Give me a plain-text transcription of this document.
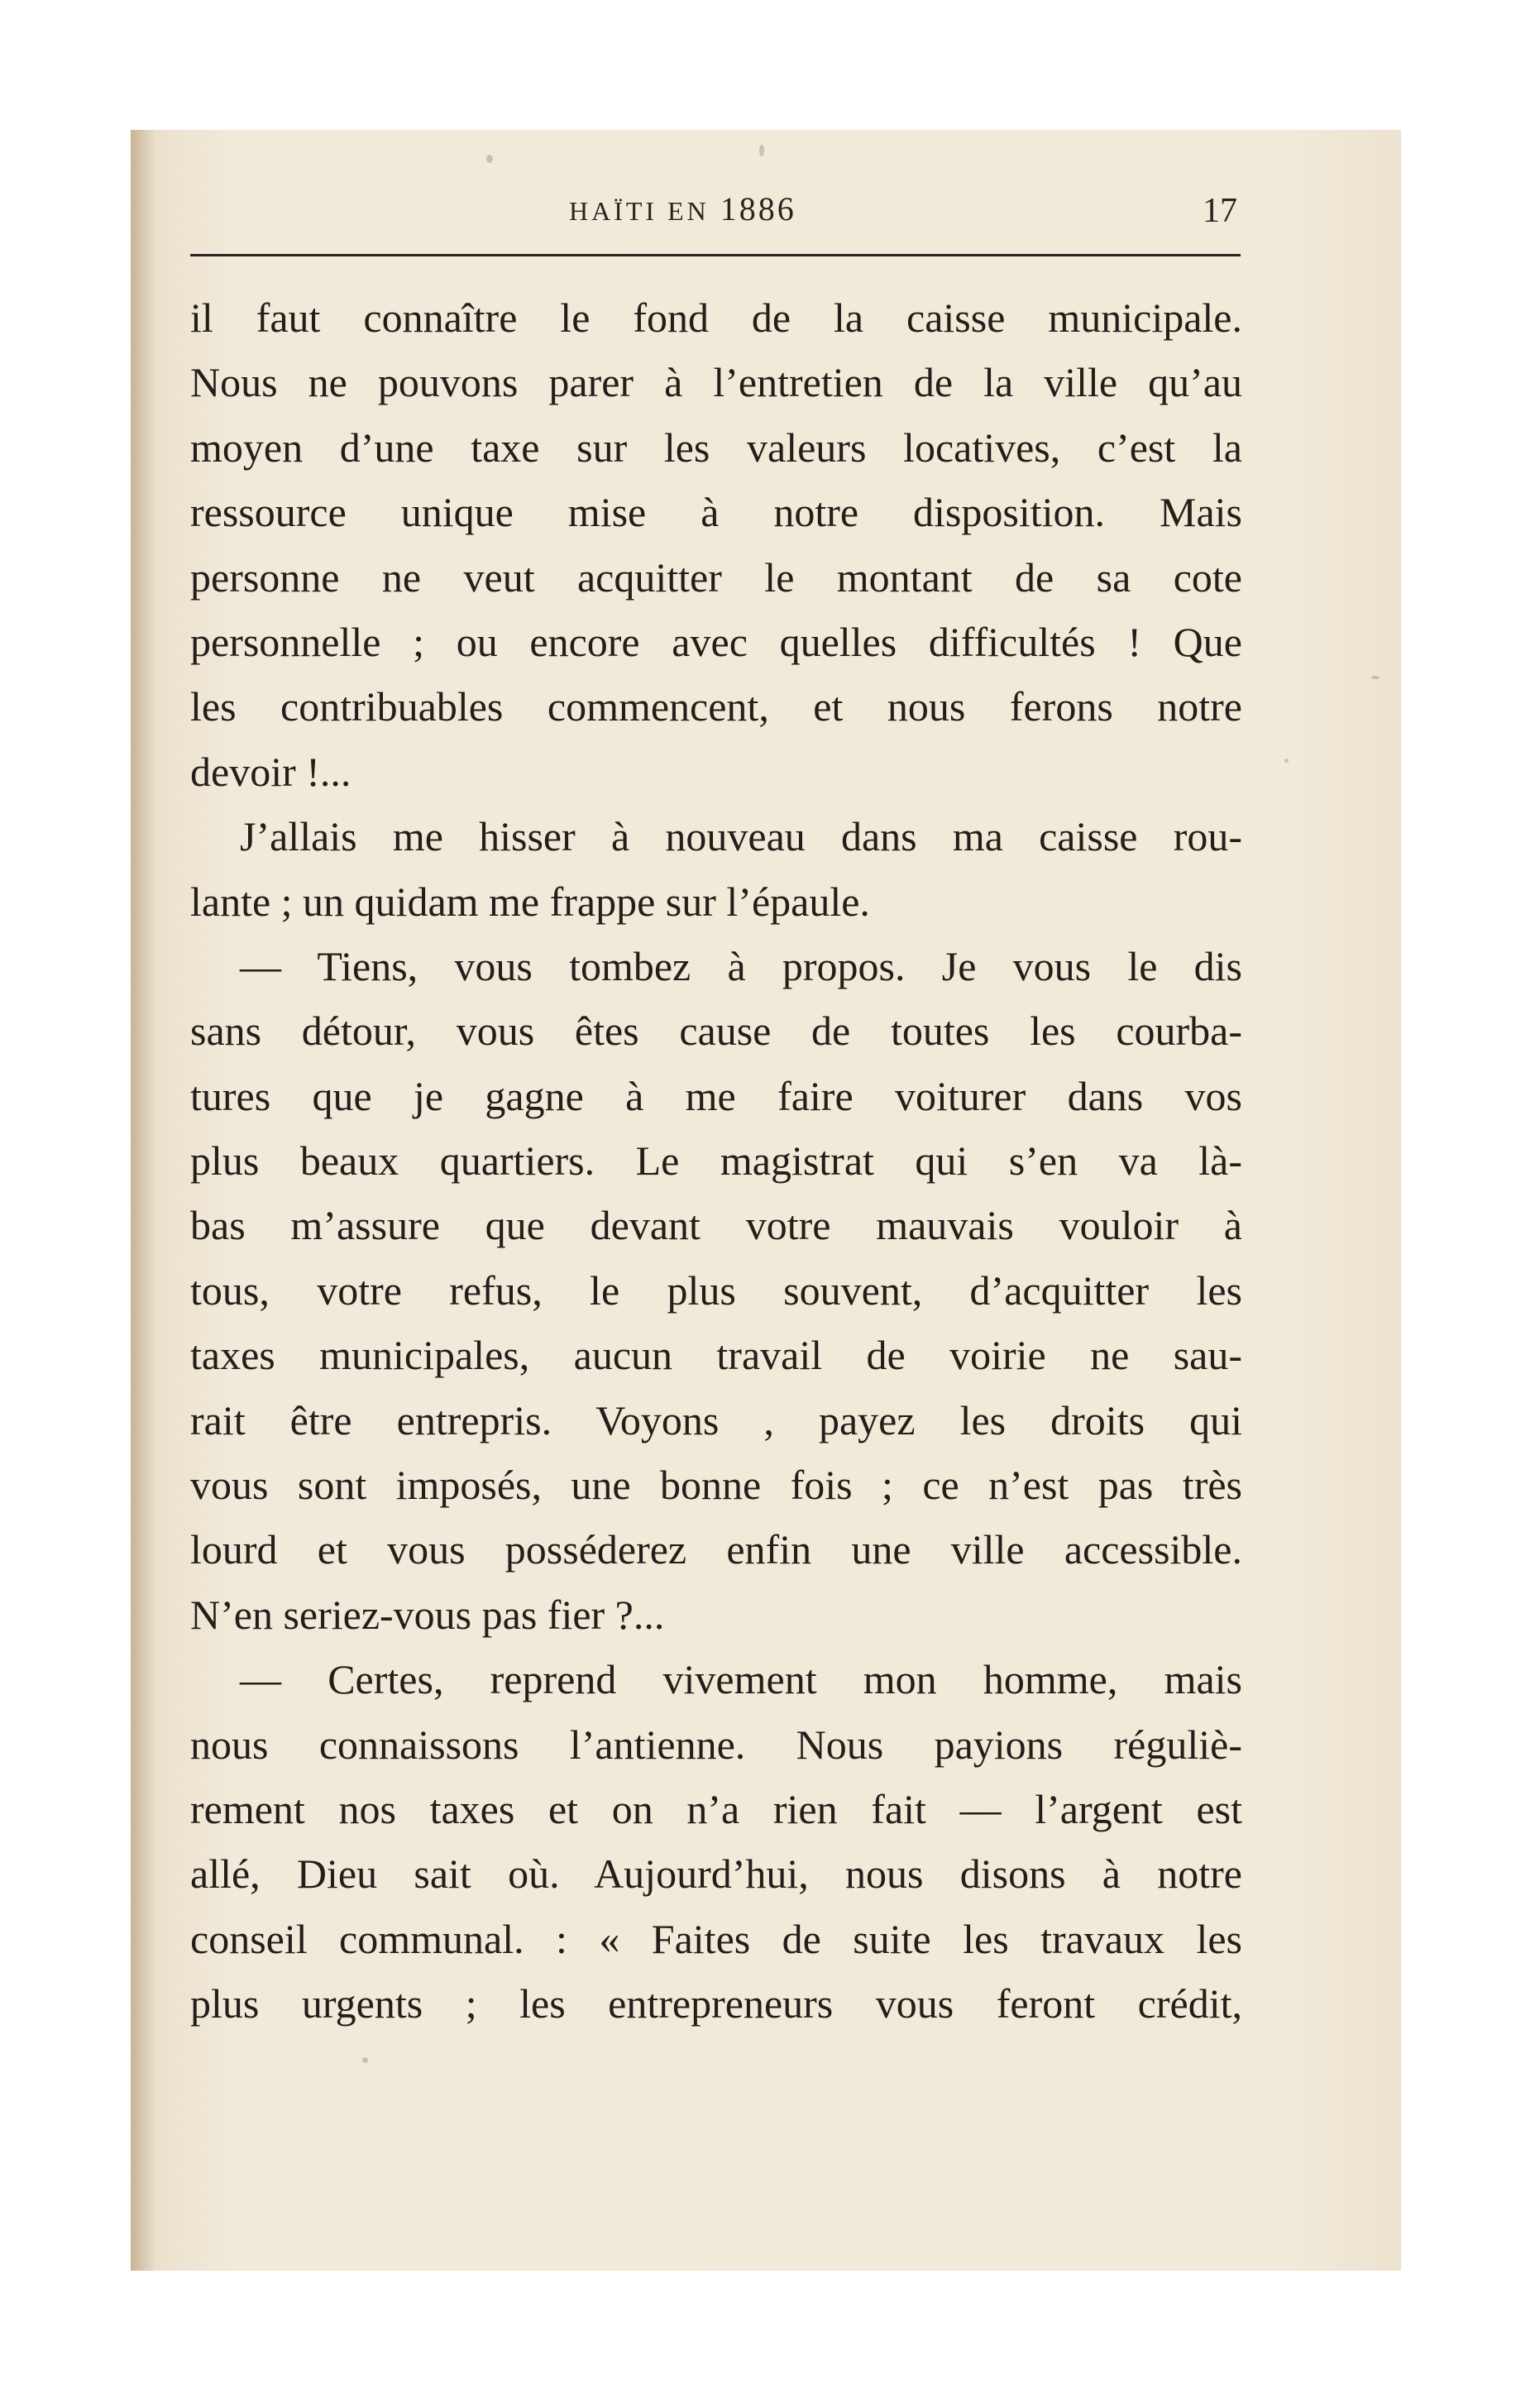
HAÏTI EN 1886	17
il faut connaître le fond de la caisse municipale.
Nous ne pouvons parer à l’entretien de la ville qu’au
moyen d’une taxe sur les valeurs locatives, c’est la
ressource unique mise à notre disposition. Mais
personne ne veut acquitter le montant de sa cote
personnelle ; ou encore avec quelles difficultés ! Que
les contribuables commencent, et nous ferons notre
devoir !...
J’allais me hisser à nouveau dans ma caisse rou-
lante ; un quidam me frappe sur l’épaule.
— Tiens, vous tombez à propos. Je vous le dis
sans détour, vous êtes cause de toutes les courba-
tures que je gagne à me faire voiturer dans vos
plus beaux quartiers. Le magistrat qui s’en va là-
bas m’assure que devant votre mauvais vouloir à
tous, votre refus, le plus souvent, d’acquitter les
taxes municipales, aucun travail de voirie ne sau-
rait être entrepris. Voyons , payez les droits qui
vous sont imposés, une bonne fois ; ce n’est pas très
lourd et vous posséderez enfin une ville accessible.
N’en seriez-vous pas fier ?...
— Certes, reprend vivement mon homme, mais
nous connaissons l’antienne. Nous payions réguliè-
rement nos taxes et on n’a rien fait — l’argent est
allé, Dieu sait où. Aujourd’hui, nous disons à notre
conseil communal. : « Faites de suite les travaux les
plus urgents ; les entrepreneurs vous feront crédit,
